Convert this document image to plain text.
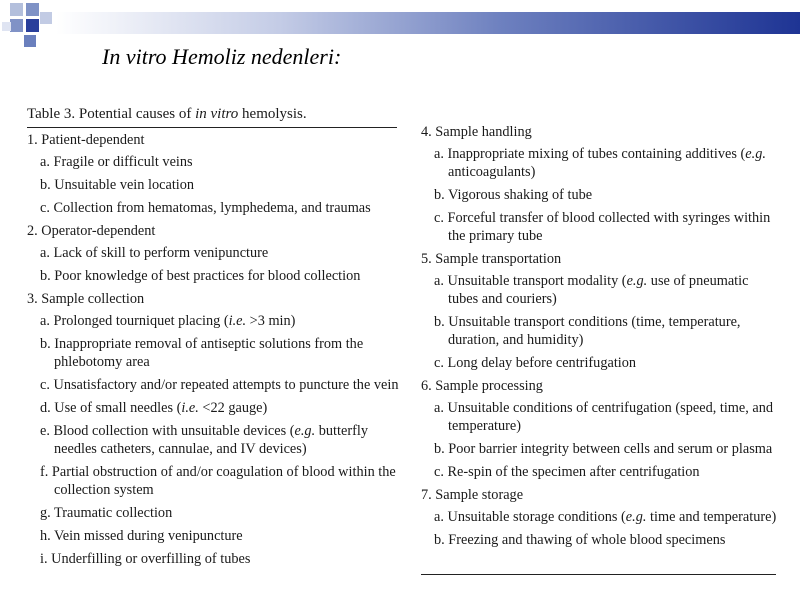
In vitro Hemoliz nedenleri:
Table 3. Potential causes of in vitro hemolysis.
1. Patient-dependent
a. Fragile or difficult veins
b. Unsuitable vein location
c. Collection from hematomas, lymphedema, and traumas
2. Operator-dependent
a. Lack of skill to perform venipuncture
b. Poor knowledge of best practices for blood collection
3. Sample collection
a. Prolonged tourniquet placing (i.e. >3 min)
b. Inappropriate removal of antiseptic solutions from the phlebotomy area
c. Unsatisfactory and/or repeated attempts to puncture the vein
d. Use of small needles (i.e. <22 gauge)
e. Blood collection with unsuitable devices (e.g. butterfly needles catheters, cannulae, and IV devices)
f. Partial obstruction of and/or coagulation of blood within the collection system
g. Traumatic collection
h. Vein missed during venipuncture
i. Underfilling or overfilling of tubes
4. Sample handling
a. Inappropriate mixing of tubes containing additives (e.g. anticoagulants)
b. Vigorous shaking of tube
c. Forceful transfer of blood collected with syringes within the primary tube
5. Sample transportation
a. Unsuitable transport modality (e.g. use of pneumatic tubes and couriers)
b. Unsuitable transport conditions (time, temperature, duration, and humidity)
c. Long delay before centrifugation
6. Sample processing
a. Unsuitable conditions of centrifugation (speed, time, and temperature)
b. Poor barrier integrity between cells and serum or plasma
c. Re-spin of the specimen after centrifugation
7. Sample storage
a. Unsuitable storage conditions (e.g. time and temperature)
b. Freezing and thawing of whole blood specimens
